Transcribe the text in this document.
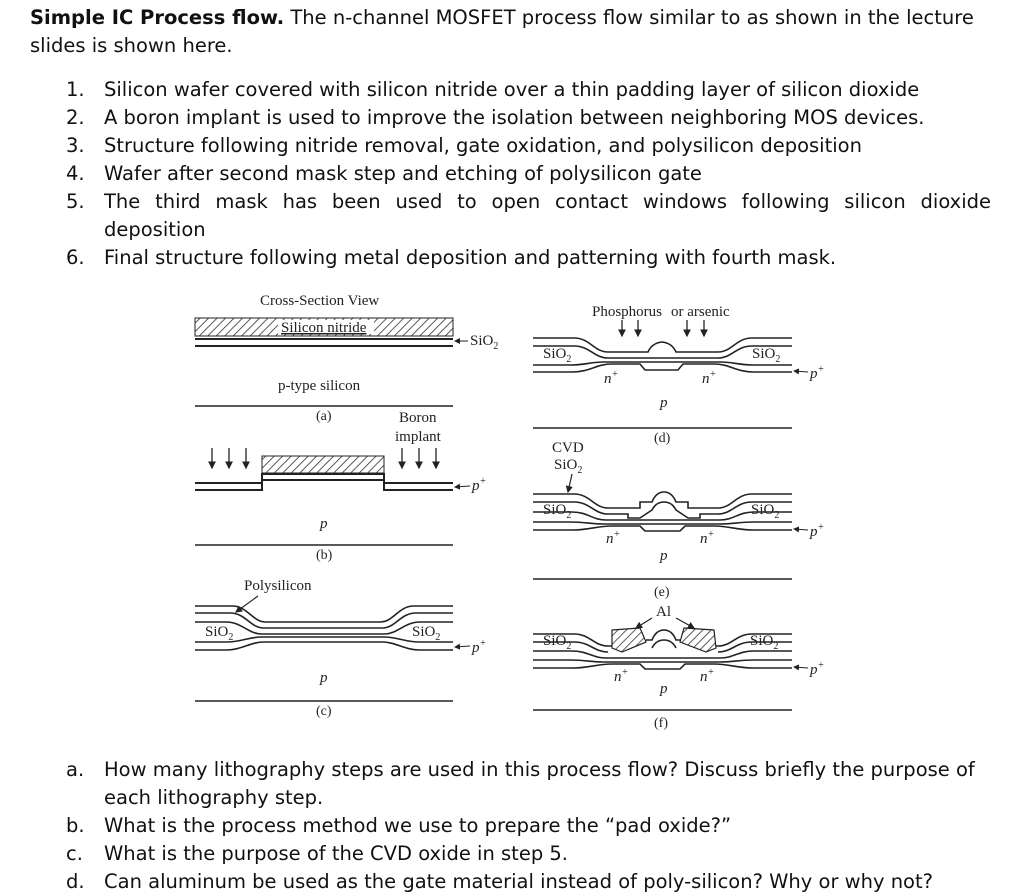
Simple IC Process flow. The n-channel MOSFET process flow similar to as shown in the lecture slides is shown here.
1. Silicon wafer covered with silicon nitride over a thin padding layer of silicon dioxide
2. A boron implant is used to improve the isolation between neighboring MOS devices.
3. Structure following nitride removal, gate oxidation, and polysilicon deposition
4. Wafer after second mask step and etching of polysilicon gate
5. The third mask has been used to open contact windows following silicon dioxide deposition
6. Final structure following metal deposition and patterning with fourth mask.
Cross-Section View
Silicon nitride
SiO$_2$
p-type silicon
(a)	Boron
implant
p+
p
(b)
Polysilicon
SiO$_2$	SiO$_2$
p+
p
(c)
Phosphorus or arsenic
SiO$_2$	SiO$_2$
n+	n+	p+
p
(d)
CVD
SiO$_2$
SiO$_2$	SiO$_2$
n+	n+	p+
p
(e)
Al
SiO$_2$	SiO$_2$
n+	n+	p+
p
(f)
a.	How many lithography steps are used in this process flow? Discuss briefly the purpose of each lithography step.
b. What is the process method we use to prepare the “pad oxide?”
c.	What is the purpose of the CVD oxide in step 5.
d. Can aluminum be used as the gate material instead of poly-silicon? Why or why not?
